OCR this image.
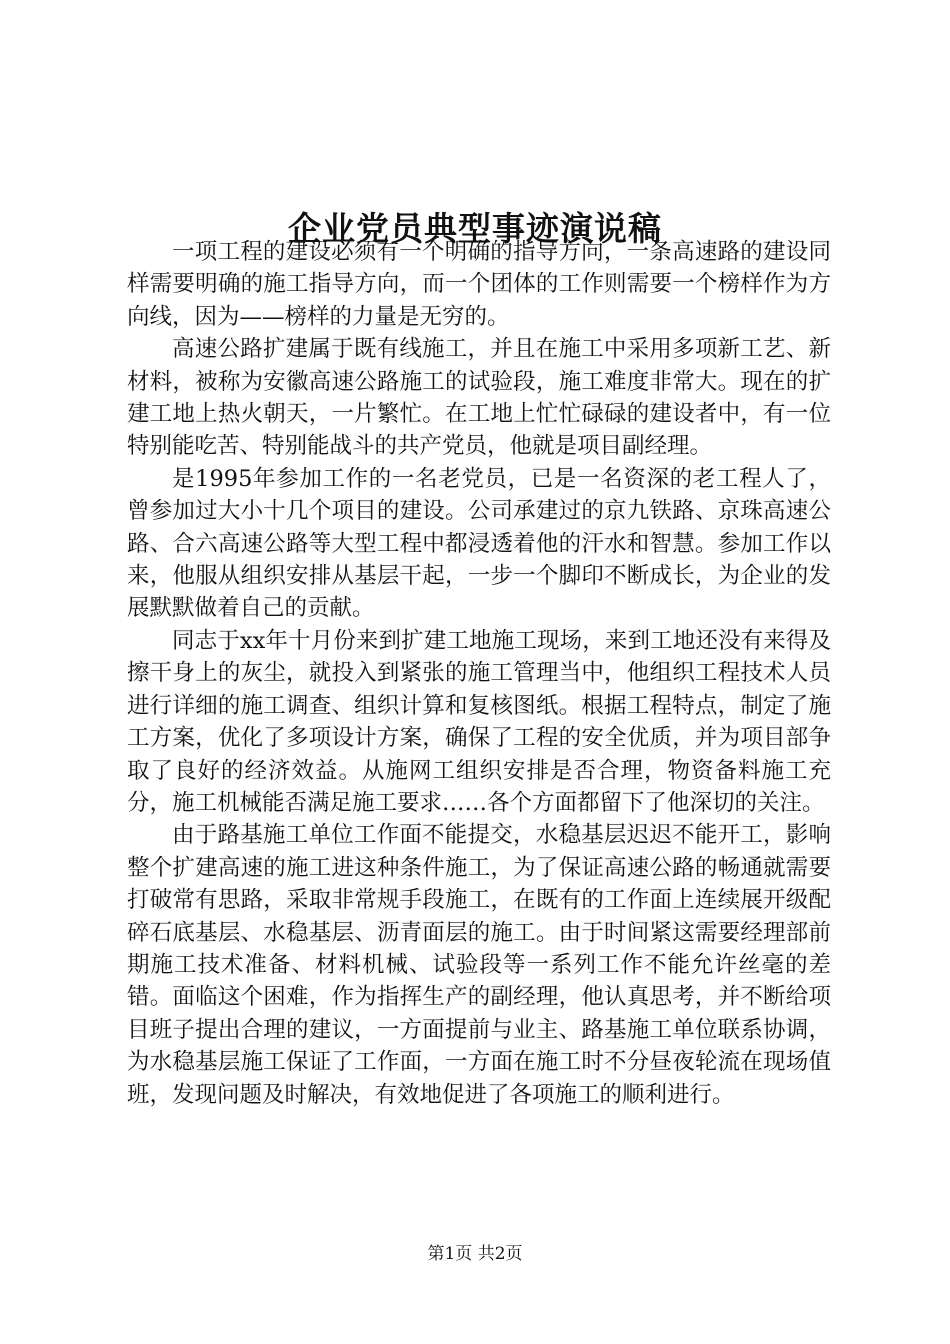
企业党员典型事迹演说稿

一项工程的建设必须有一个明确的指导方向，一条高速路的建设同样需要明确的施工指导方向，而一个团体的工作则需要一个榜样作为方向线，因为——榜样的力量是无穷的。

高速公路扩建属于既有线施工，并且在施工中采用多项新工艺、新材料，被称为安徽高速公路施工的试验段，施工难度非常大。现在的扩建工地上热火朝天，一片繁忙。在工地上忙忙碌碌的建设者中，有一位特别能吃苦、特别能战斗的共产党员，他就是项目副经理。

是1995年参加工作的一名老党员，已是一名资深的老工程人了，曾参加过大小十几个项目的建设。公司承建过的京九铁路、京珠高速公路、合六高速公路等大型工程中都浸透着他的汗水和智慧。参加工作以来，他服从组织安排从基层干起，一步一个脚印不断成长，为企业的发展默默做着自己的贡献。

同志于xx年十月份来到扩建工地施工现场，来到工地还没有来得及擦干身上的灰尘，就投入到紧张的施工管理当中，他组织工程技术人员进行详细的施工调查、组织计算和复核图纸。根据工程特点，制定了施工方案，优化了多项设计方案，确保了工程的安全优质，并为项目部争取了良好的经济效益。从施网工组织安排是否合理，物资备料施工充分，施工机械能否满足施工要求……各个方面都留下了他深切的关注。

由于路基施工单位工作面不能提交，水稳基层迟迟不能开工，影响整个扩建高速的施工进这种条件施工，为了保证高速公路的畅通就需要打破常有思路，采取非常规手段施工，在既有的工作面上连续展开级配碎石底基层、水稳基层、沥青面层的施工。由于时间紧这需要经理部前期施工技术准备、材料机械、试验段等一系列工作不能允许丝毫的差错。面临这个困难，作为指挥生产的副经理，他认真思考，并不断给项目班子提出合理的建议，一方面提前与业主、路基施工单位联系协调，为水稳基层施工保证了工作面，一方面在施工时不分昼夜轮流在现场值班，发现问题及时解决，有效地促进了各项施工的顺利进行。

第1页 共2页
